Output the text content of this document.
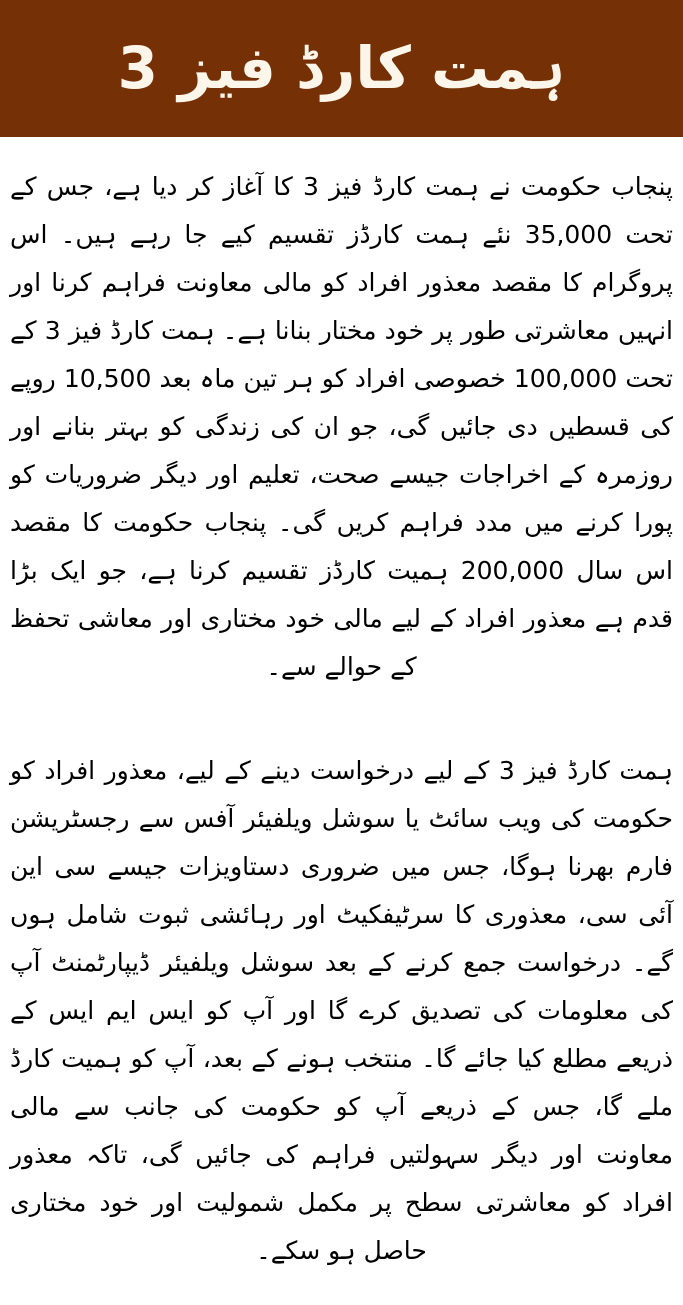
ہمت کارڈ فیز 3

پنجاب حکومت نے ہمت کارڈ فیز 3 کا آغاز کر دیا ہے، جس کے تحت 35,000 نئے ہمت کارڈز تقسیم کیے جا رہے ہیں۔ اس پروگرام کا مقصد معذور افراد کو مالی معاونت فراہم کرنا اور انہیں معاشرتی طور پر خود مختار بنانا ہے۔ ہمت کارڈ فیز 3 کے تحت 100,000 خصوصی افراد کو ہر تین ماہ بعد 10,500 روپے کی قسطیں دی جائیں گی، جو ان کی زندگی کو بہتر بنانے اور روزمرہ کے اخراجات جیسے صحت، تعلیم اور دیگر ضروریات کو پورا کرنے میں مدد فراہم کریں گی۔ پنجاب حکومت کا مقصد اس سال 200,000 ہمیت کارڈز تقسیم کرنا ہے، جو ایک بڑا قدم ہے معذور افراد کے لیے مالی خود مختاری اور معاشی تحفظ کے حوالے سے۔

ہمت کارڈ فیز 3 کے لیے درخواست دینے کے لیے، معذور افراد کو حکومت کی ویب سائٹ یا سوشل ویلفیئر آفس سے رجسٹریشن فارم بھرنا ہوگا، جس میں ضروری دستاویزات جیسے سی این آئی سی، معذوری کا سرٹیفکیٹ اور رہائشی ثبوت شامل ہوں گے۔ درخواست جمع کرنے کے بعد سوشل ویلفیئر ڈیپارٹمنٹ آپ کی معلومات کی تصدیق کرے گا اور آپ کو ایس ایم ایس کے ذریعے مطلع کیا جائے گا۔ منتخب ہونے کے بعد، آپ کو ہمیت کارڈ ملے گا، جس کے ذریعے آپ کو حکومت کی جانب سے مالی معاونت اور دیگر سہولتیں فراہم کی جائیں گی، تاکہ معذور افراد کو معاشرتی سطح پر مکمل شمولیت اور خود مختاری حاصل ہو سکے۔
